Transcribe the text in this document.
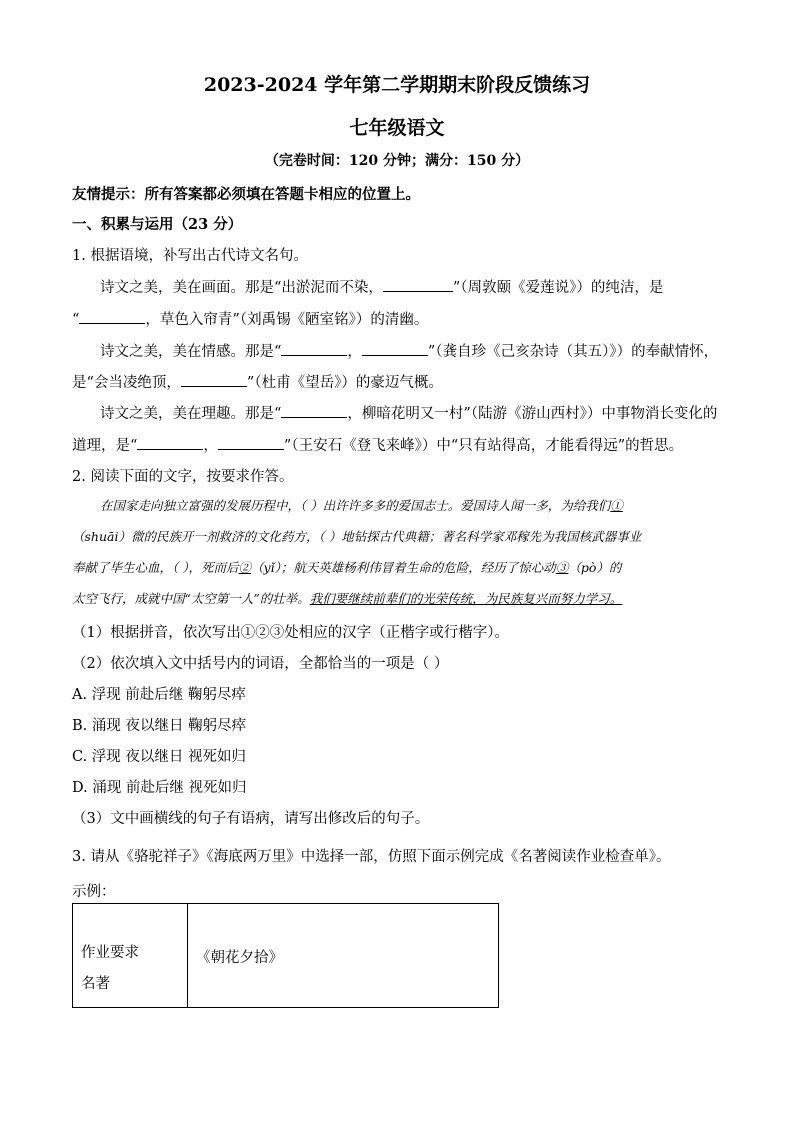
2023-2024 学年第二学期期末阶段反馈练习
七年级语文
（完卷时间：120 分钟；满分：150 分）
友情提示：所有答案都必须填在答题卡相应的位置上。
一、积累与运用（23 分）
1. 根据语境，补写出古代诗文名句。
诗文之美，美在画面。那是“出淤泥而不染，	”（周敦颐《爱莲说》）的纯洁，是
“	，草色入帘青”（刘禹锡《陋室铭》）的清幽。
诗文之美，美在情感。那是“	，	”（龚自珍《己亥杂诗（其五）》）的奉献情怀，
是“会当凌绝顶，	”（杜甫《望岳》）的豪迈气概。
诗文之美，美在理趣。那是“	，柳暗花明又一村”（陆游《游山西村》）中事物消长变化的
道理，是“	，	”（王安石《登飞来峰》）中“只有站得高，才能看得远”的哲思。
2. 阅读下面的文字，按要求作答。
在国家走向独立富强的发展历程中，（ ）出许许多多的爱国志士。爱国诗人闻一多，为给我们①
（shuāi）微的民族开一剂救济的文化药方，（ ）地钻探古代典籍；著名科学家邓稼先为我国核武器事业
奉献了毕生心血，（ ），死而后②（yǐ）；航天英雄杨利伟冒着生命的危险，经历了惊心动③（pò）的
太空飞行，成就中国“太空第一人”的壮举。我们要继续前辈们的光荣传统，为民族复兴而努力学习。
（1）根据拼音，依次写出①②③处相应的汉字（正楷字或行楷字）。
（2）依次填入文中括号内的词语，全都恰当的一项是（ ）
A. 浮现 前赴后继 鞠躬尽瘁
B. 涌现 夜以继日 鞠躬尽瘁
C. 浮现 夜以继日 视死如归
D. 涌现 前赴后继 视死如归
（3）文中画横线的句子有语病，请写出修改后的句子。
3. 请从《骆驼祥子》《海底两万里》中选择一部，仿照下面示例完成《名著阅读作业检查单》。
示例：
作业要求
名著
	《朝花夕拾》
